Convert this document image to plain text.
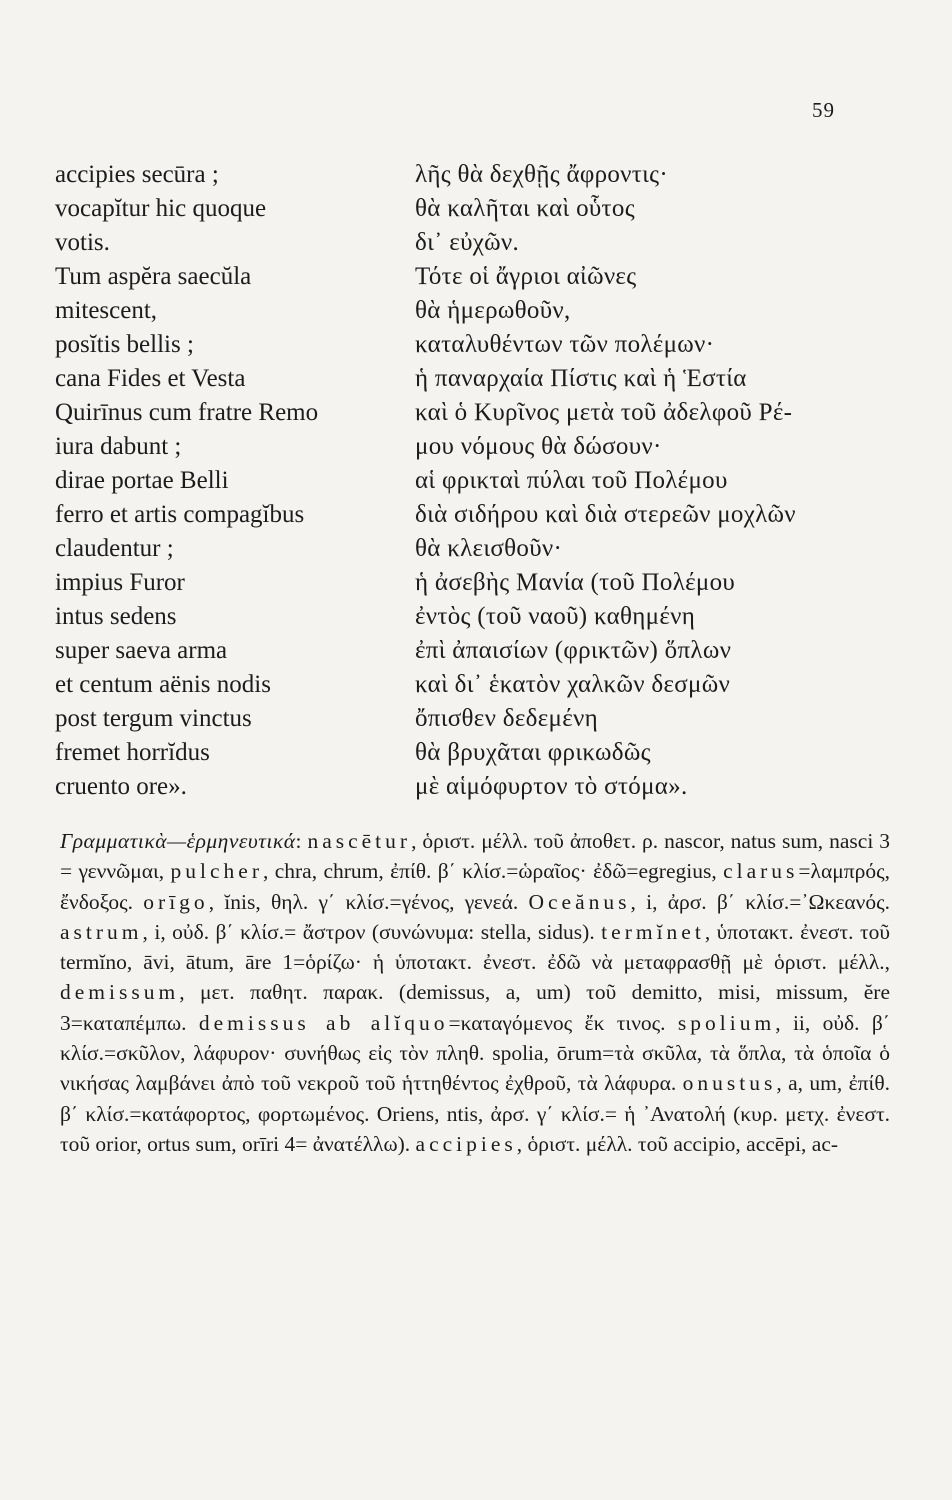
59
accipies secūra ;
vocapĭtur hic quoque
votis.
Tum aspĕra saecŭla
mitescent,
posĭtis bellis ;
cana Fides et Vesta
Quirīnus cum fratre Remo
iura dabunt ;
dirae portae Belli
ferro et artis compagĭbus
claudentur ;
impius Furor
intus sedens
super saeva arma
et centum aënis nodis
post tergum vinctus
fremet horrĭdus
cruento ore».
λῆς θὰ δεχθῇς ἄφροντις·
θὰ καλῆται καὶ οὗτος
δι᾽ εὐχῶν.
Τότε οἱ ἄγριοι αἰῶνες
θὰ ἡμερωθοῦν,
καταλυθέντων τῶν πολέμων·
ἡ παναρχαία Πίστις καὶ ἡ Ἑστία
καὶ ὁ Κυρῖνος μετὰ τοῦ ἀδελφοῦ Ρέ-
μου νόμους θὰ δώσουν·
αἱ φρικταὶ πύλαι τοῦ Πολέμου
διὰ σιδήρου καὶ διὰ στερεῶν μοχλῶν
θὰ κλεισθοῦν·
ἡ ἀσεβὴς Μανία (τοῦ Πολέμου
ἐντὸς (τοῦ ναοῦ) καθημένη
ἐπὶ ἀπαισίων (φρικτῶν) ὅπλων
καὶ δι᾽ ἑκατὸν χαλκῶν δεσμῶν
ὄπισθεν δεδεμένη
θὰ βρυχᾶται φρικωδῶς
μὲ αἱμόφυρτον τὸ στόμα».
Γραμματικὰ—ἑρμηνευτικά: nascētur, ὁριστ. μέλλ. τοῦ ἀποθετ. ρ. nascor, natus sum, nasci 3 = γεννῶμαι, pulcher, chra, chrum, ἐπίθ. β΄ κλίσ.=ὡραῖος· ἐδῶ=egregius, clarus=λαμπρός, ἔνδοξος. orīgo, ĭnis, θηλ. γ΄ κλίσ.=γένος, γενεά. Oceănus, i, ἀρσ. β΄ κλίσ.=᾽Ωκεανός. astrum, i, οὐδ. β΄ κλίσ.= ἄστρον (συνώνυμα: stella, sidus). termĭnet, ὑποτακτ. ἐνεστ. τοῦ termĭno, āvi, ātum, āre 1=ὁρίζω· ἡ ὑποτακτ. ἐνεστ. ἐδῶ νὰ μεταφρασθῇ μὲ ὁριστ. μέλλ., demissum, μετ. παθητ. παρακ. (demissus, a, um) τοῦ demitto, misi, missum, ĕre 3=καταπέμπω. demissus ab alĭquo=καταγόμενος ἔκ τινος. spolium, ii, οὐδ. β΄ κλίσ.=σκῦλον, λάφυρον· συνήθως εἰς τὸν πληθ. spolia, ōrum=τὰ σκῦλα, τὰ ὅπλα, τὰ ὁποῖα ὁ νικήσας λαμβάνει ἀπὸ τοῦ νεκροῦ τοῦ ἡττηθέντος ἐχθροῦ, τὰ λάφυρα. onustus, a, um, ἐπίθ. β΄ κλίσ.=κατάφορτος, φορτωμένος. Oriens, ntis, ἀρσ. γ΄ κλίσ.= ἡ ᾽Ανατολή (κυρ. μετχ. ἐνεστ. τοῦ orior, ortus sum, orīri 4= ἀνατέλλω). accipies, ὁριστ. μέλλ. τοῦ accipio, accēpi, ac-
